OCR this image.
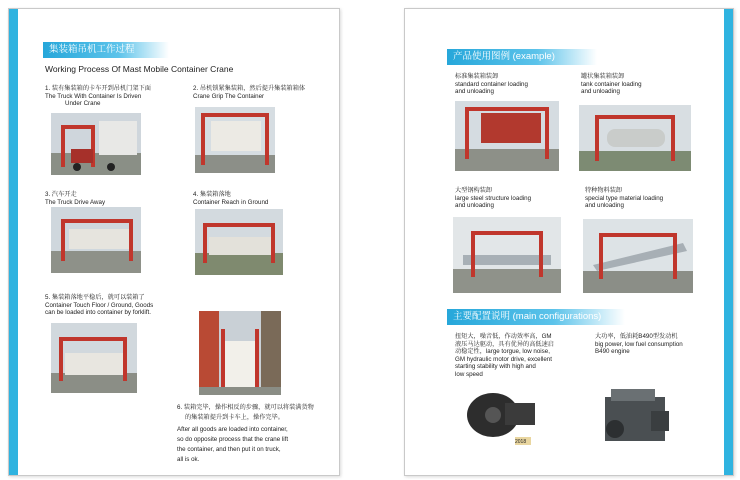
集装箱吊机工作过程
Working Process Of Mast Mobile Container Crane
1. 装有集装箱的卡车开到吊机门架下面
The Truck With Container Is Driven
Under Crane
2. 吊机锁紧集装箱，然后提升集装箱箱体
Crane Grip The Container
3. 汽车开走
The Truck Drive Away
4. 集装箱落地
Container Reach in Ground
5. 集装箱落地平稳后，就可以装箱了
Container Touch Floor / Ground, Goods
can be loaded into container by forklift.
6. 装箱完毕，操作相反的步骤，就可以将装满货物
的集装箱提升到卡车上，操作完毕。
After all goods are loaded into container,
so do opposite process that the crane lift
the container, and then put it on truck,
all is ok.
产品使用图例 (example)
标准集装箱装卸
standard container loading
and unloading
罐状集装箱装卸
tank container loading
and unloading
大型钢构装卸
large steel structure loading
and unloading
特种物料装卸
special type material loading
and unloading
主要配置说明 (main configurations)
扭矩大，噪音低，作动效率高，GM
液压马达驱动，具有优异的高低速启
动稳定性，large torgue, low noise,
GM hydraulic motor drive, excellent
starting stability with high and
low speed
大功率，低油耗B490型发动机
big power, low fuel consumption
B490 engine
2018
